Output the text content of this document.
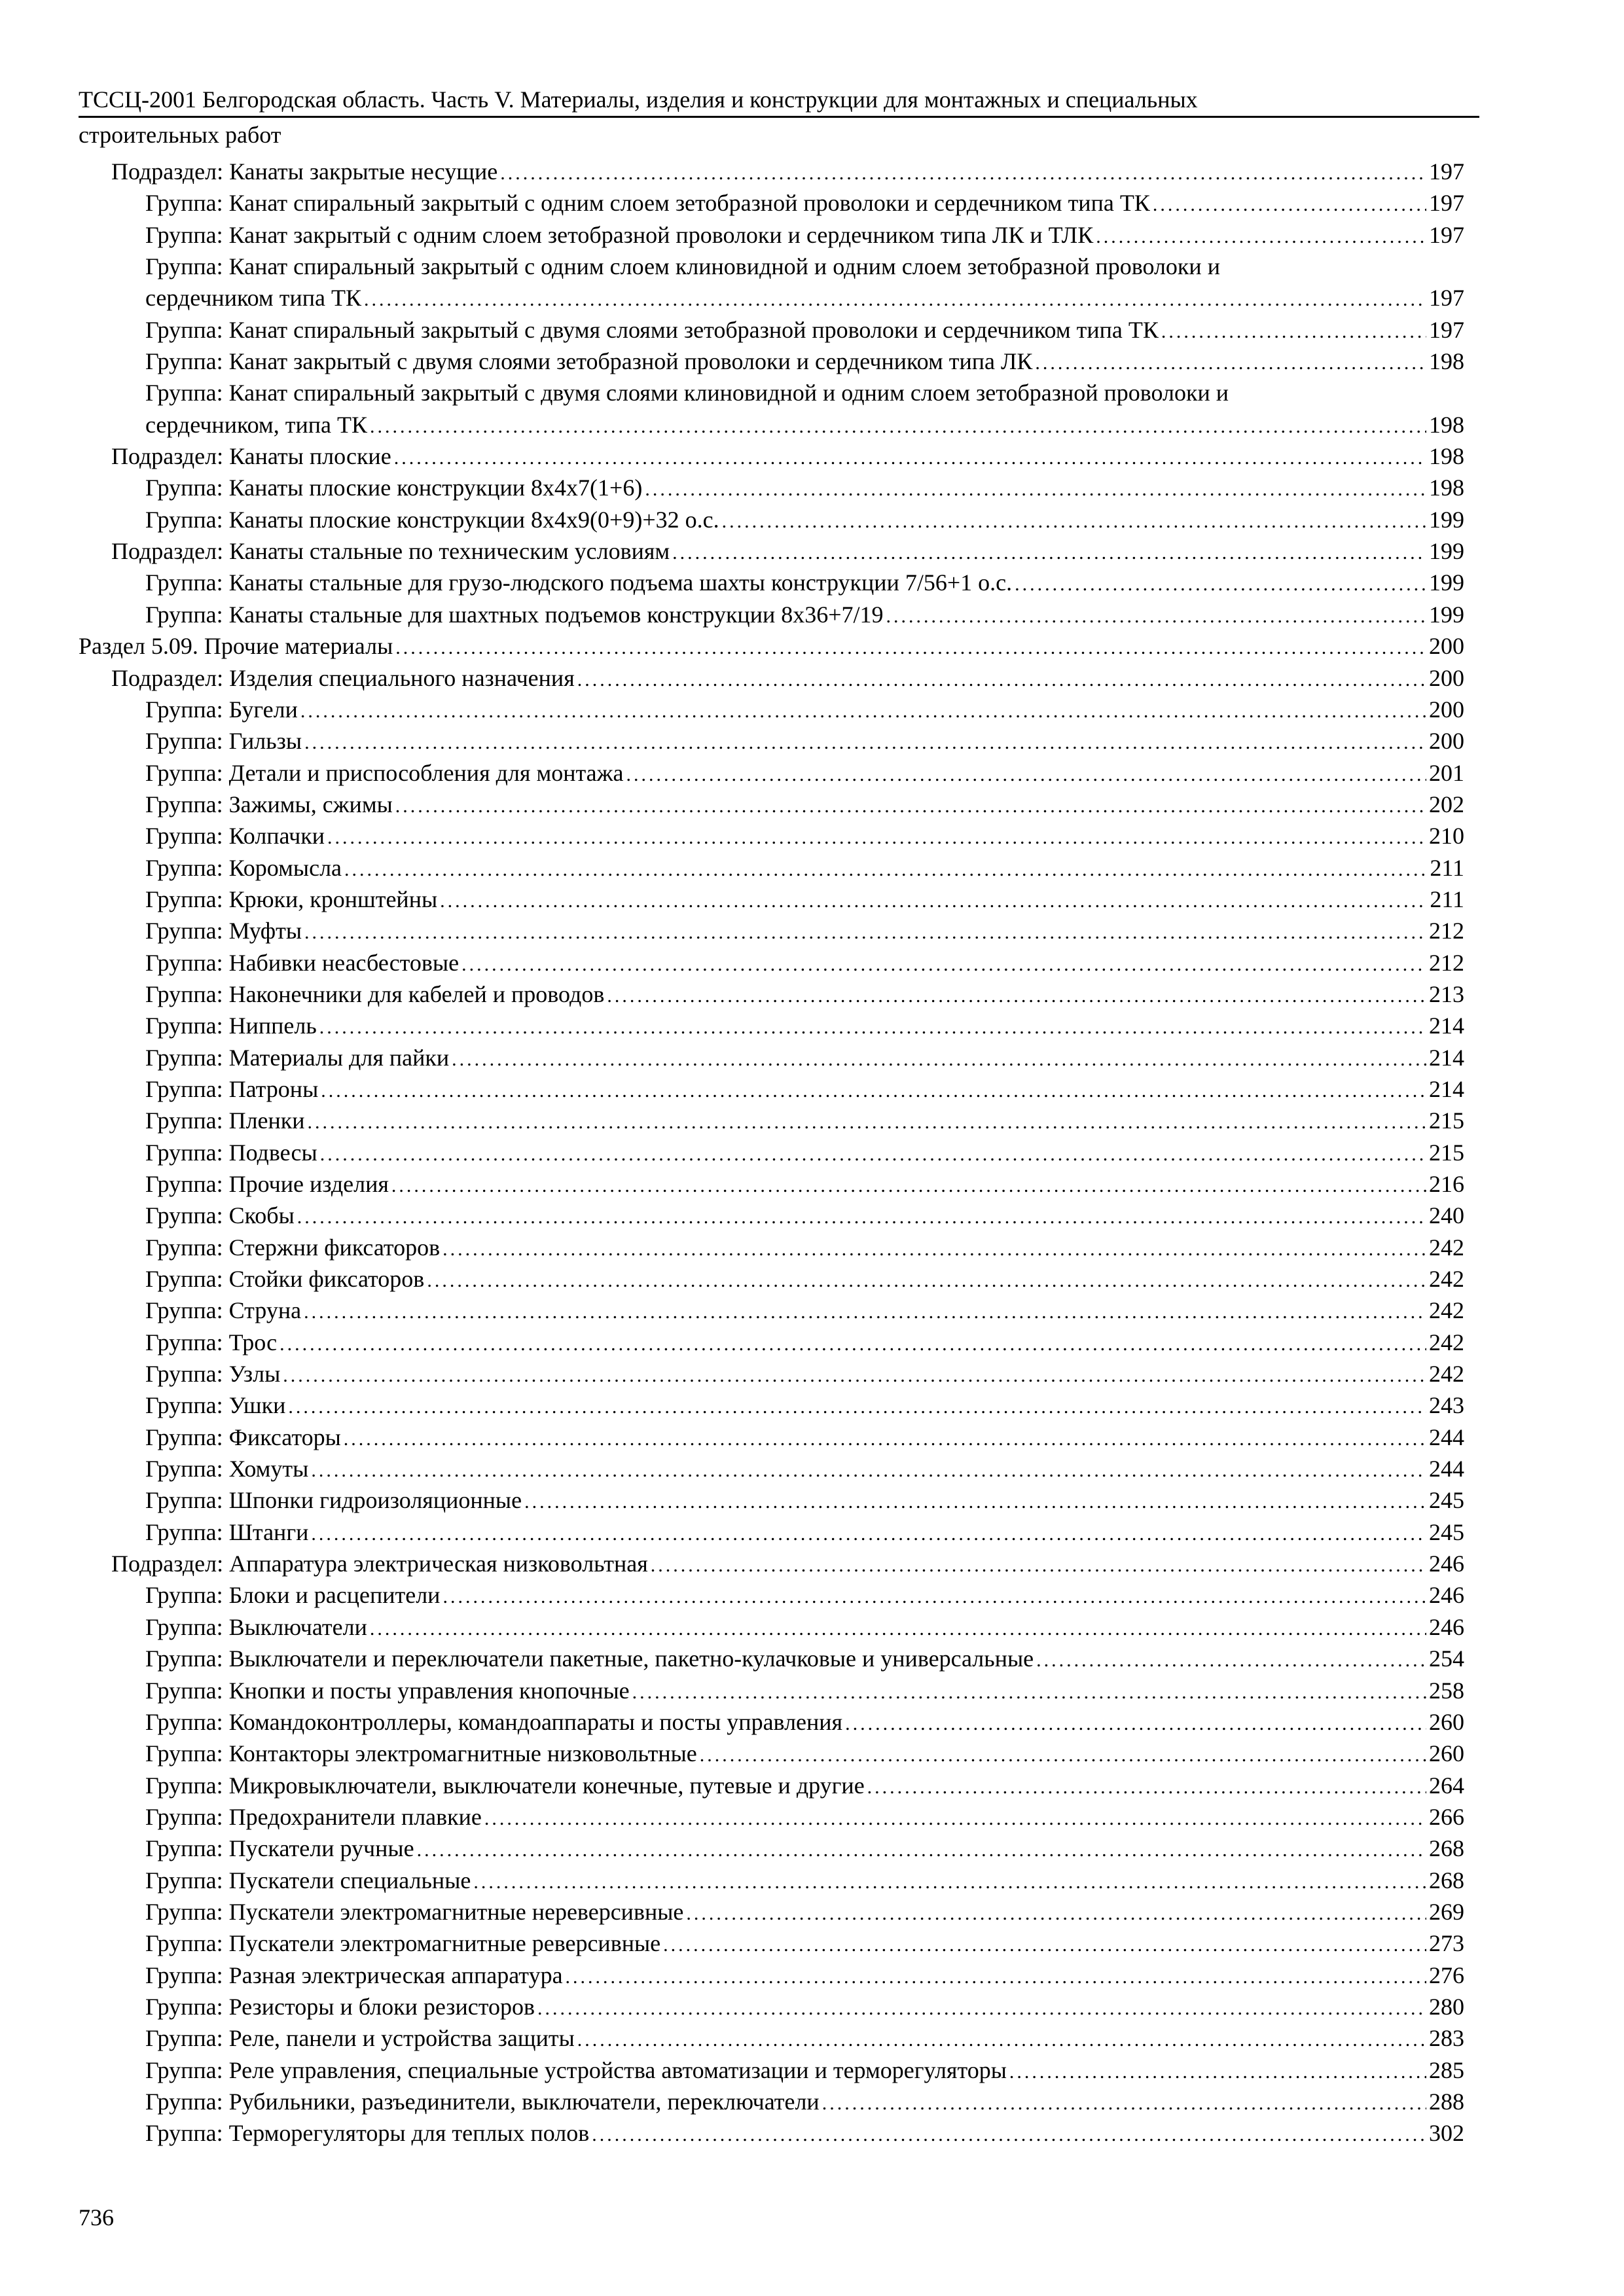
ТССЦ-2001 Белгородская область. Часть V. Материалы, изделия и конструкции для монтажных и специальных
строительных работ
Подраздел: Канаты закрытые несущие .....	197
Группа: Канат спиральный закрытый с одним слоем зетобразной проволоки и сердечником типа ТК .....	197
Группа: Канат закрытый с одним слоем зетобразной проволоки и сердечником типа ЛК и ТЛК .....	197
Группа: Канат спиральный закрытый с одним слоем клиновидной и одним слоем зетобразной проволоки и
сердечником типа ТК .....	197
Группа: Канат спиральный закрытый с двумя слоями зетобразной проволоки и сердечником типа ТК .....	197
Группа: Канат закрытый с двумя слоями зетобразной проволоки и сердечником типа ЛК .....	198
Группа: Канат спиральный закрытый с двумя слоями клиновидной и одним слоем зетобразной проволоки и
сердечником, типа ТК .....	198
Подраздел: Канаты плоские .....	198
Группа: Канаты плоские конструкции 8х4х7(1+6) .....	198
Группа: Канаты плоские конструкции 8х4х9(0+9)+32 о.с. .....	199
Подраздел: Канаты стальные по техническим условиям .....	199
Группа: Канаты стальные для грузо-людского подъема шахты конструкции 7/56+1 о.с. .....	199
Группа: Канаты стальные для шахтных подъемов конструкции 8х36+7/19 .....	199
Раздел 5.09. Прочие материалы .....	200
Подраздел: Изделия специального назначения .....	200
Группа: Бугели .....	200
Группа: Гильзы .....	200
Группа: Детали и приспособления для монтажа .....	201
Группа: Зажимы, сжимы .....	202
Группа: Колпачки .....	210
Группа: Коромысла .....	211
Группа: Крюки, кронштейны .....	211
Группа: Муфты .....	212
Группа: Набивки неасбестовые .....	212
Группа: Наконечники для кабелей и проводов .....	213
Группа: Ниппель .....	214
Группа: Материалы для пайки .....	214
Группа: Патроны .....	214
Группа: Пленки .....	215
Группа: Подвесы .....	215
Группа: Прочие изделия .....	216
Группа: Скобы .....	240
Группа: Стержни фиксаторов .....	242
Группа: Стойки фиксаторов .....	242
Группа: Струна .....	242
Группа: Трос .....	242
Группа: Узлы .....	242
Группа: Ушки .....	243
Группа: Фиксаторы .....	244
Группа: Хомуты .....	244
Группа: Шпонки гидроизоляционные .....	245
Группа: Штанги .....	245
Подраздел: Аппаратура электрическая низковольтная .....	246
Группа: Блоки и расцепители .....	246
Группа: Выключатели .....	246
Группа: Выключатели и переключатели пакетные, пакетно-кулачковые и универсальные .....	254
Группа: Кнопки и посты управления кнопочные .....	258
Группа: Командоконтроллеры, командоаппараты и посты управления .....	260
Группа: Контакторы электромагнитные низковольтные .....	260
Группа: Микровыключатели, выключатели конечные, путевые и другие .....	264
Группа: Предохранители плавкие .....	266
Группа: Пускатели ручные .....	268
Группа: Пускатели специальные .....	268
Группа: Пускатели электромагнитные нереверсивные .....	269
Группа: Пускатели электромагнитные реверсивные .....	273
Группа: Разная электрическая аппаратура .....	276
Группа: Резисторы и блоки резисторов .....	280
Группа: Реле, панели и устройства защиты .....	283
Группа: Реле управления, специальные устройства автоматизации и терморегуляторы .....	285
Группа: Рубильники, разъединители, выключатели, переключатели .....	288
Группа: Терморегуляторы для теплых полов .....	302
736
